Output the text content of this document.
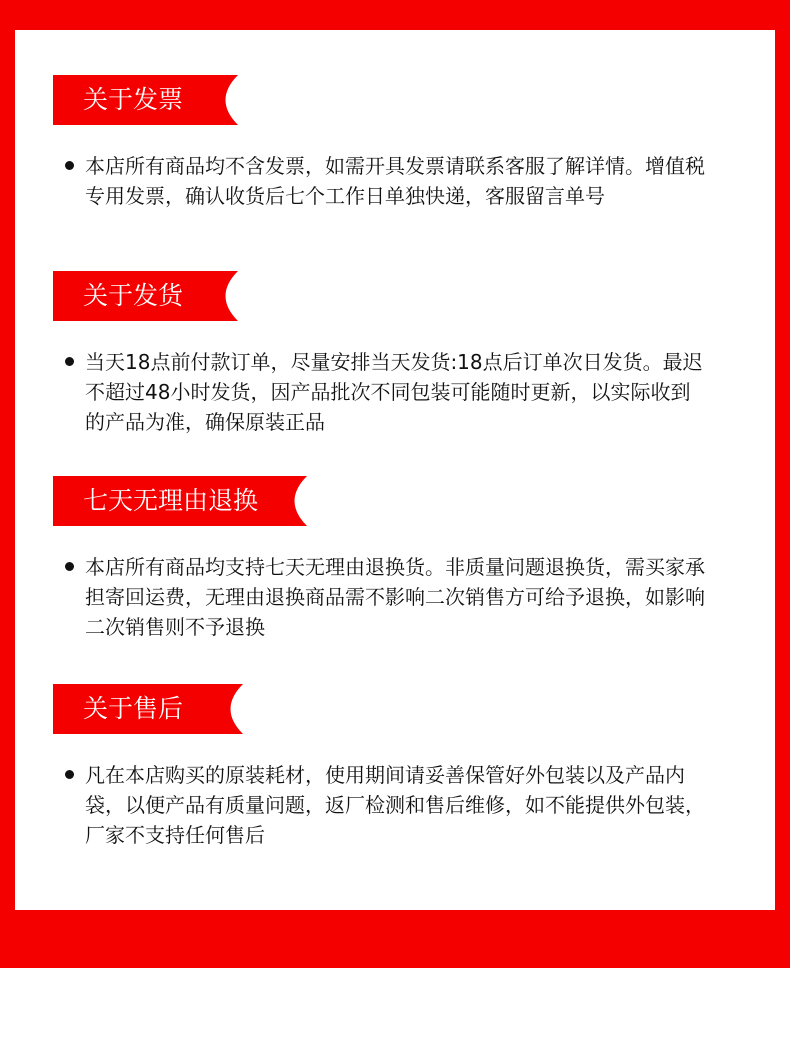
关于发票
本店所有商品均不含发票，如需开具发票请联系客服了解详情。增值税专用发票，确认收货后七个工作日单独快递，客服留言单号
关于发货
当天18点前付款订单，尽量安排当天发货:18点后订单次日发货。最迟不超过48小时发货，因产品批次不同包装可能随时更新，以实际收到的产品为准，确保原装正品
七天无理由退换
本店所有商品均支持七天无理由退换货。非质量问题退换货，需买家承担寄回运费，无理由退换商品需不影响二次销售方可给予退换，如影响二次销售则不予退换
关于售后
凡在本店购买的原装耗材，使用期间请妥善保管好外包装以及产品内袋，以便产品有质量问题，返厂检测和售后维修，如不能提供外包装，厂家不支持任何售后
